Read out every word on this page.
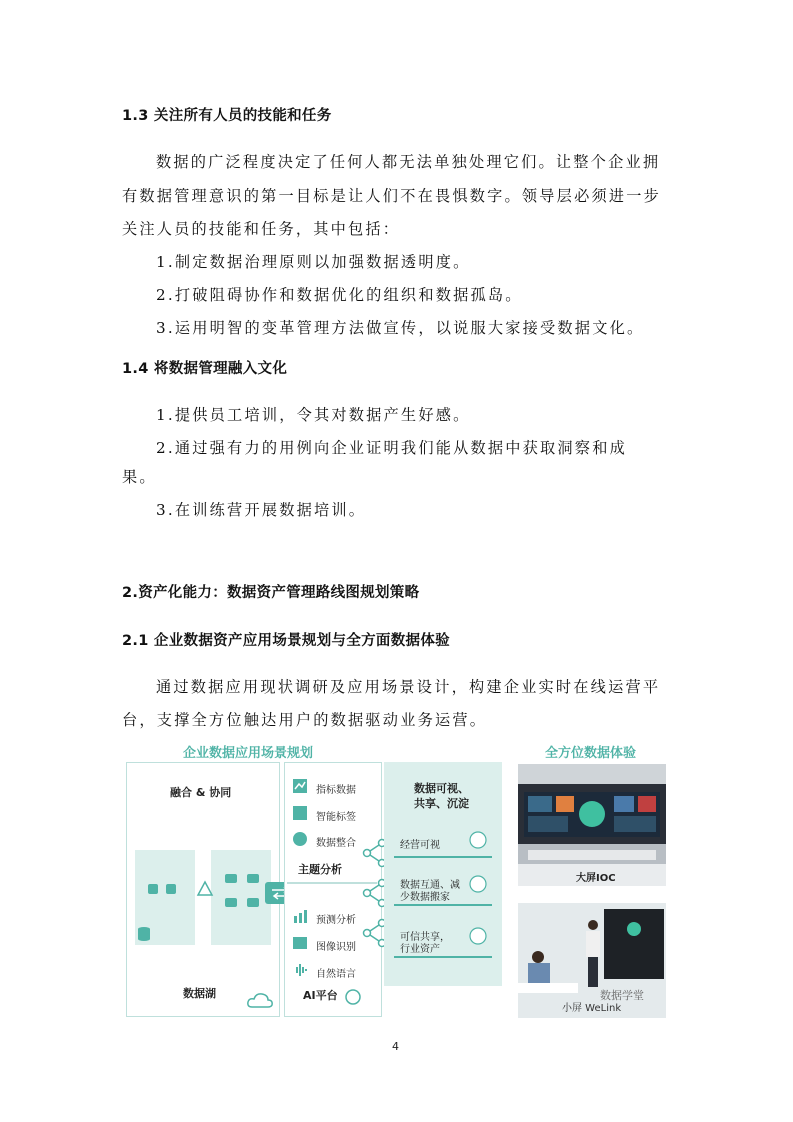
1.3 关注所有人员的技能和任务
数据的广泛程度决定了任何人都无法单独处理它们。让整个企业拥
有数据管理意识的第一目标是让人们不在畏惧数字。领导层必须进一步
关注人员的技能和任务，其中包括：
1.制定数据治理原则以加强数据透明度。
2.打破阻碍协作和数据优化的组织和数据孤岛。
3.运用明智的变革管理方法做宣传，以说服大家接受数据文化。
1.4 将数据管理融入文化
1.提供员工培训，令其对数据产生好感。
2.通过强有力的用例向企业证明我们能从数据中获取洞察和成
果。
3.在训练营开展数据培训。
2.资产化能力：数据资产管理路线图规划策略
2.1 企业数据资产应用场景规划与全方面数据体验
通过数据应用现状调研及应用场景设计，构建企业实时在线运营平
台，支撑全方位触达用户的数据驱动业务运营。
企业数据应用场景规划	全方位数据体验
融合 & 协同
数据湖
指标数据
智能标签
数据整合
主题分析
预测分析
图像识别
自然语言
AI平台
数据可视、
共享、沉淀
经营可视
数据互通、减
少数据搬家
可信共享，
行业资产
大屏IOC
小屏 WeLink
数据学堂
4
